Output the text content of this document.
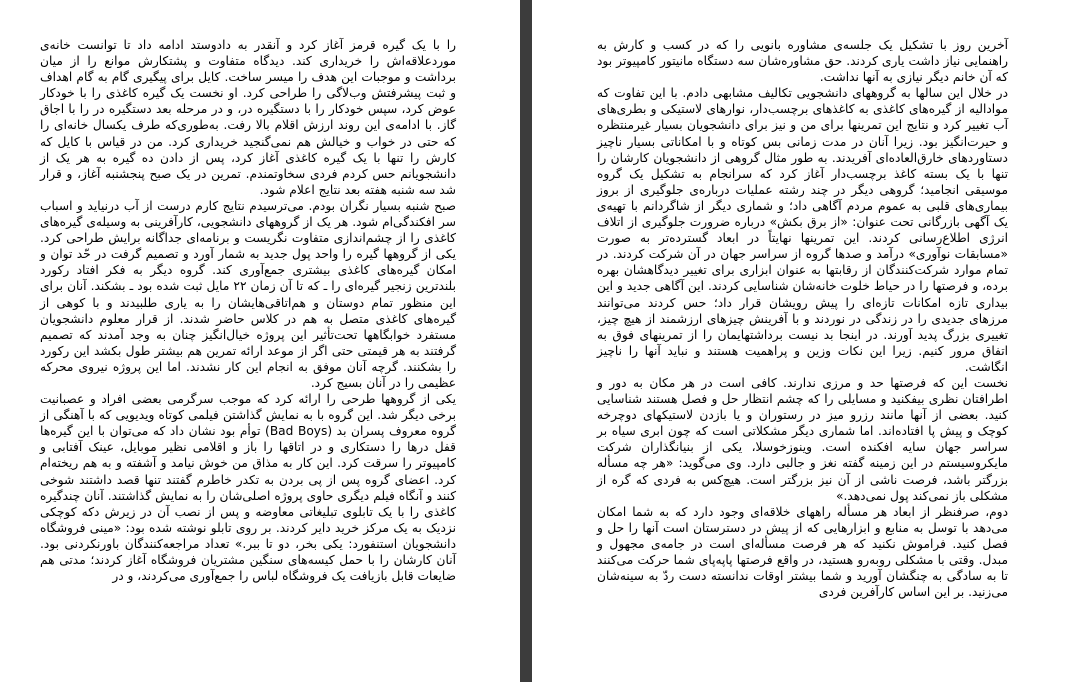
را با یک گیره قرمز آغاز کرد و آنقدر به دادوستد ادامه داد تا توانست خانه‌ی موردعلاقه‌اش را خریداری کند. دیدگاه متفاوت و پشتکارش موانع را از میان برداشت و موجبات این هدف را میسر ساخت. کایل برای پیگیری گام به گام اهداف و ثبت پیشرفتش وب‌لاگی را طراحی کرد. او نخست یک گیره کاغذی را با خودکار عوض کرد، سپس خودکار را با دستگیره در، و در مرحله بعد دستگیره در را با اجاق گاز. با ادامه‌ی این روند ارزش اقلام بالا رفت. به‌طوری‌که طرف یکسال خانه‌ای را که حتی در خواب و خیالش هم نمی‌گنجید خریداری کرد. من در قیاس با کایل که کارش را تنها با یک گیره کاغذی آغاز کرد، پس از دادن ده گیره به هر یک از دانشجویانم حس کردم فردی سخاوتمندم. تمرین در یک صبح پنجشنبه آغاز، و قرار شد سه شنبه هفته بعد نتایج اعلام شود.

صبح شنبه بسیار نگران بودم. می‌ترسیدم نتایج کارم درست از آب درنیاید و اسباب سر افکندگی‌ام شود. هر یک از گروههای دانشجویی، کارآفرینی به وسیله‌ی گیره‌های کاغذی را از چشم‌اندازی متفاوت نگریست و برنامه‌ای جداگانه برایش طراحی کرد. یکی از گروهها گیره را واحد پول جدید به شمار آورد و تصمیم گرفت در حّد توان و امکان گیره‌های کاغذی بیشتری جمع‌آوری کند. گروه دیگر به فکر افتاد رکورد بلندترین زنجیر گیره‌ای را ـ که تا آن زمان ۲۲ مایل ثبت شده بود ـ بشکند. آنان برای این منظور تمام دوستان و هم‌اتاقی‌هایشان را به یاری طلبیدند و با کوهی از گیره‌های کاغذی متصل به هم در کلاس حاضر شدند. از قرار معلوم دانشجویان مستفرد خوابگاهها تحت‌تأثیر این پروژه خیال‌انگیز چنان به وجد آمدند که تصمیم گرفتند به هر قیمتی حتی اگر از موعد ارائه تمرین هم بیشتر طول بکشد این رکورد را بشکنند. گرچه آنان موفق به انجام این کار نشدند. اما این پروژه نیروی محرکه عظیمی را در آنان بسیج کرد.

یکی از گروهها طرحی را ارائه کرد که موجب سرگرمی بعضی افراد و عصبانیت برخی دیگر شد. این گروه با به نمایش گذاشتن فیلمی کوتاه ویدیویی که با آهنگی از گروه معروف پسران بد (Bad Boys) توأم بود نشان داد که می‌توان با این گیره‌ها قفل درها را دستکاری و در اتاقها را باز و اقلامی نظیر موبایل، عینک آفتابی و کامپیوتر را سرقت کرد. این کار به مذاق من خوش نیامد و آشفته و به هم ریخته‌ام کرد. اعضای گروه پس از پی بردن به تکدر خاطرم گفتند تنها قصد داشتند شوخی کنند و آنگاه فیلم دیگری حاوی پروژه اصلی‌شان را به نمایش گذاشتند. آنان چندگیره کاغذی را با یک تابلوی تبلیغاتی معاوضه و پس از نصب آن در زیرش دکه کوچکی نزدیک به یک مرکز خرید دایر کردند. بر روی تابلو نوشته شده بود: «مینی فروشگاه دانشجویان استنفورد: یکی بخر، دو تا ببر.» تعداد مراجعه‌کنندگان باورنکردنی بود. آنان کارشان را با حمل کیسه‌های سنگین مشتریان فروشگاه آغاز کردند؛ مدتی هم ضایعات قابل بازیافت یک فروشگاه لباس را جمع‌آوری می‌کردند، و در

آخرین روز با تشکیل یک جلسه‌ی مشاوره بانویی را که در کسب و کارش به راهنمایی نیاز داشت یاری کردند. حق مشاوره‌شان سه دستگاه مانیتور کامپیوتر بود که آن خانم دیگر نیازی به آنها نداشت.

در خلال این سالها به گروههای دانشجویی تکالیف مشابهی دادم. با این تفاوت که موادالیه از گیره‌های کاغذی به کاغذهای برچسب‌دار، نوارهای لاستیکی و بطری‌های آب تغییر کرد و نتایج این تمرینها برای من و نیز برای دانشجویان بسیار غیرمنتظره و حیرت‌انگیز بود. زیرا آنان در مدت زمانی بس کوتاه و با امکاناتی بسیار ناچیز دستاوردهای خارق‌العاده‌ای آفریدند. به طور مثال گروهی از دانشجویان کارشان را تنها با یک بسته کاغذ برچسب‌دار آغاز کرد که سرانجام به تشکیل یک گروه موسیقی انجامید؛ گروهی دیگر در چند رشته عملیات درباره‌ی جلوگیری از بروز بیماری‌های قلبی به عموم مردم آگاهی داد؛ و شماری دیگر از شاگردانم با تهیه‌ی یک آگهی بازرگانی تحت عنوان: «از برق بکش» درباره ضرورت جلوگیری از اتلاف انرژی اطلاع‌رسانی کردند. این تمرینها نهایتاً در ابعاد گسترده‌تر به صورت «مسابقات نوآوری» درآمد و صدها گروه از سراسر جهان در آن شرکت کردند. در تمام موارد شرکت‌کنندگان از رقابتها به عنوان ابزاری برای تغییر دیدگاهشان بهره برده، و فرصتها را در حیاط خلوت خانه‌شان شناسایی کردند. این آگاهی جدید و این بیداری تازه امکانات تازه‌ای را پیش رویشان قرار داد؛ حس کردند می‌توانند مرزهای جدیدی را در زندگی در نوردند و با آفرینش چیزهای ارزشمند از هیچ چیز، تغییری بزرگ پدید آورند. در اینجا بد نیست برداشتهایمان را از تمرینهای فوق به اتفاق مرور کنیم. زیرا این نکات وزین و پراهمیت هستند و نباید آنها را ناچیز انگاشت.

نخست این که فرصتها حد و مرزی ندارند. کافی است در هر مکان به دور و اطرافتان نظری بیفکنید و مسایلی را که چشم انتظار حل و فصل هستند شناسایی کنید. بعضی از آنها مانند رزرو میز در رستوران و یا بازدن لاستیکهای دوچرخه کوچک و پیش پا افتاده‌اند. اما شماری دیگر مشکلاتی است که چون ابری سیاه بر سراسر جهان سایه افکنده است. وینوزخوسلا، یکی از بنیانگذاران شرکت مایکروسیستم در این زمینه گفته نغز و جالبی دارد. وی می‌گوید: «هر چه مسأله بزرگتر باشد، فرصت ناشی از آن نیز بزرگتر است. هیچ‌کس به فردی که گره از مشکلی باز نمی‌کند پول نمی‌دهد.»

دوم، صرفنظر از ابعاد هر مسأله راههای خلاقه‌ای وجود دارد که به شما امکان می‌دهد با توسل به منابع و ابزارهایی که از پیش در دسترستان است آنها را حل و فصل کنید. فراموش نکنید که هر فرصت مسأله‌ای است در جامه‌ی مجهول و مبدل. وقتی با مشکلی روبه‌رو هستید، در واقع فرصتها پاپه‌پای شما حرکت می‌کنند تا به سادگی به چنگشان آورید و شما بیشتر اوقات ندانسته دست ردّ به سینه‌شان می‌زنید. بر این اساس کارآفرین فردی
